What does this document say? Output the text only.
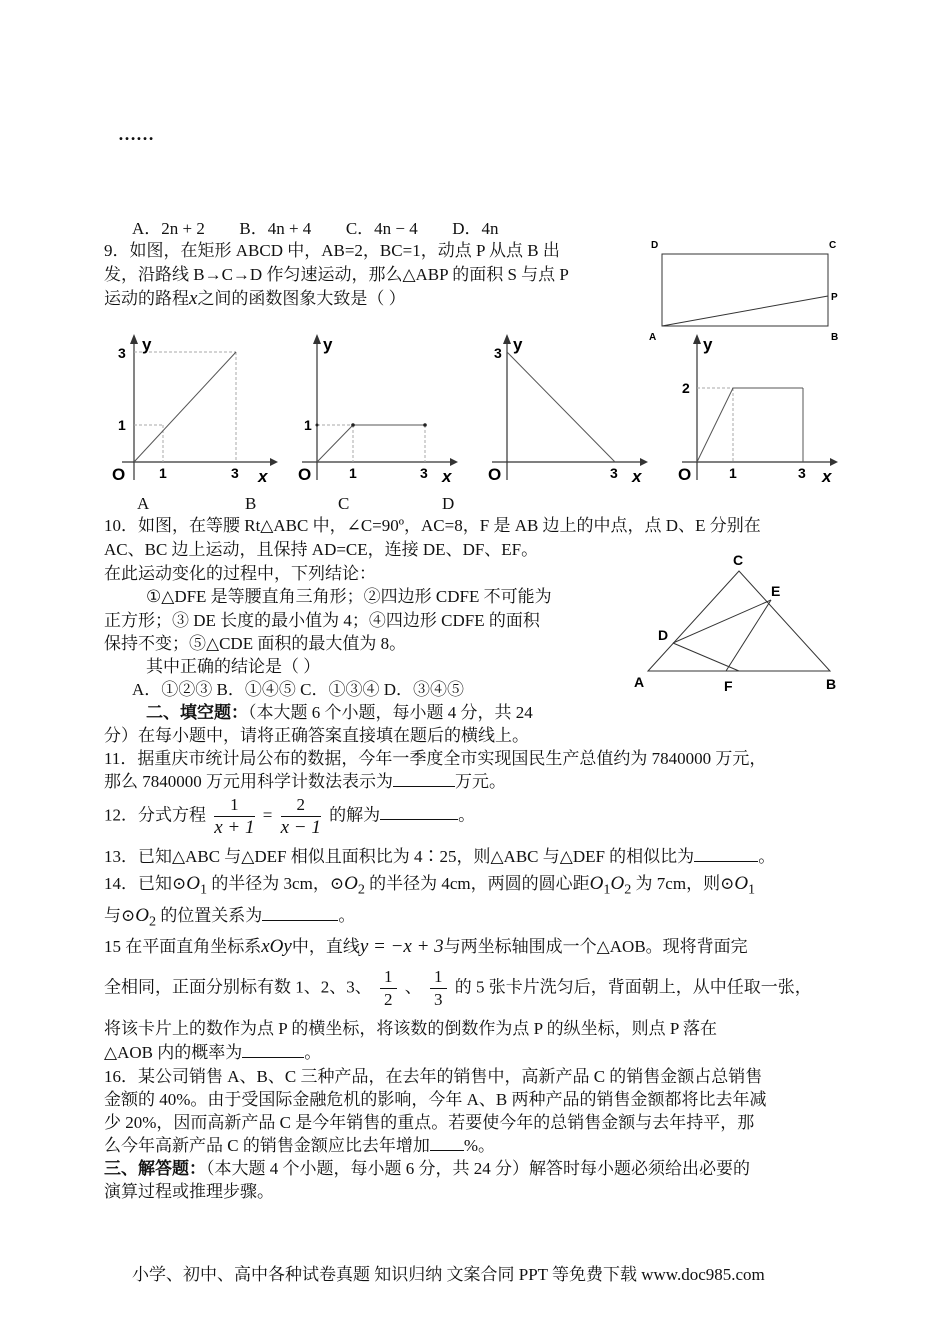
……
A．2n + 2 B．4n + 4 C．4n − 4 D．4n
9．如图，在矩形 ABCD 中，AB=2，BC=1，动点 P 从点 B 出
发，沿路线 B→C→D 作匀速运动，那么△ABP 的面积 S 与点 P
运动的路程x之间的函数图象大致是（ ）
D	C
A	B
P
y
O	x
3
1
1	3
y
O	x
1
1	3
y
O	x
3
3
y
O	x
2
1	3
A	B	C	D
10．如图，在等腰 Rt△ABC 中，∠C=90º，AC=8，F 是 AB 边上的中点，点 D、E 分别在
AC、BC 边上运动，且保持 AD=CE，连接 DE、DF、EF。
在此运动变化的过程中，下列结论：
①△DFE 是等腰直角三角形；②四边形 CDFE 不可能为
正方形；③ DE 长度的最小值为 4；④四边形 CDFE 的面积
保持不变；⑤△CDE 面积的最大值为 8。
其中正确的结论是（ ）
A．①②③ B．①④⑤ C．①③④ D．③④⑤
C
E
D
A	F	B
二、填空题：（本大题 6 个小题，每小题 4 分，共 24
分）在每小题中，请将正确答案直接填在题后的横线上。
11．据重庆市统计局公布的数据，今年一季度全市实现国民生产总值约为 7840000 万元，
那么 7840000 万元用科学计数法表示为	万元。
12．分式方程 $\frac{1}{x + 1} = \frac{2}{x - 1}$ 的解为	。
13．已知△ABC 与△DEF 相似且面积比为 4∶25，则△ABC 与△DEF 的相似比为	。
14．已知$⊙O_1$ 的半径为 3cm，$⊙O_2$ 的半径为 4cm，两圆的圆心距$O_1O_2$ 为 7cm，则$⊙O_1$
与$⊙O_2$ 的位置关系为	。
15 在平面直角坐标系xOy中，直线y = −x + 3与两坐标轴围成一个△AOB。现将背面完
全相同，正面分别标有数 1、2、3、 $\frac{1}{2}$ 、 $\frac{1}{3}$ 的 5 张卡片洗匀后，背面朝上，从中任取一张，
将该卡片上的数作为点 P 的横坐标，将该数的倒数作为点 P 的纵坐标，则点 P 落在
△AOB 内的概率为	。
16．某公司销售 A、B、C 三种产品，在去年的销售中，高新产品 C 的销售金额占总销售
金额的 40%。由于受国际金融危机的影响，今年 A、B 两种产品的销售金额都将比去年减
少 20%，因而高新产品 C 是今年销售的重点。若要使今年的总销售金额与去年持平，那
么今年高新产品 C 的销售金额应比去年增加 %。
三、解答题：（本大题 4 个小题，每小题 6 分，共 24 分）解答时每小题必须给出必要的
演算过程或推理步骤。
小学、初中、高中各种试卷真题 知识归纳 文案合同 PPT 等免费下载 www.doc985.com
